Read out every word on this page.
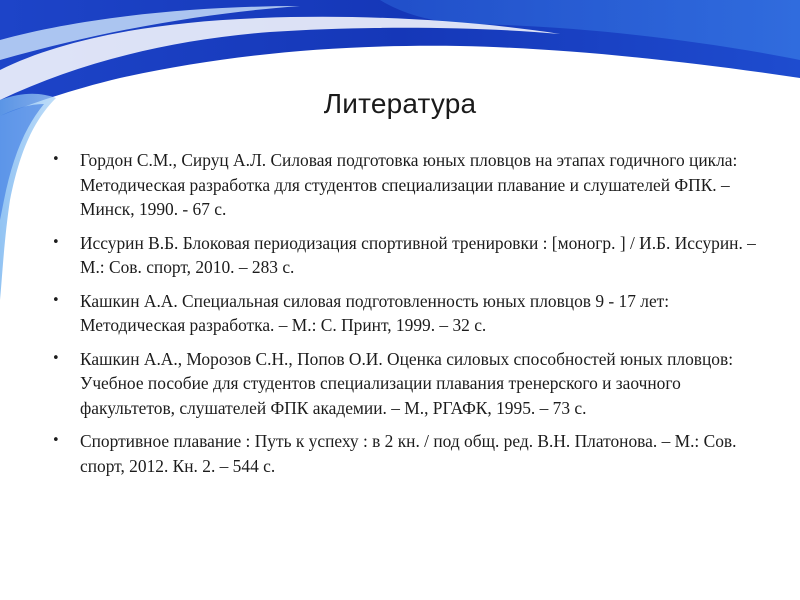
Литература
•	Гордон С.М., Сируц А.Л. Силовая подготовка юных пловцов на этапах годичного цикла: Методическая разработка для студентов специализации плавание и слушателей ФПК. – Минск, 1990. - 67 с.
•	Иссурин В.Б. Блоковая периодизация спортивной тренировки : [моногр. ] / И.Б. Иссурин. – М.: Сов. спорт, 2010. – 283 с.
•	Кашкин А.А. Специальная силовая подготовленность юных пловцов 9 - 17 лет: Методическая разработка. – М.: С. Принт, 1999. – 32 с.
•	Кашкин А.А., Морозов С.Н., Попов О.И. Оценка силовых способностей юных пловцов: Учебное пособие для студентов специализации плавания тренерского и заочного факультетов, слушателей ФПК академии. – М., РГАФК, 1995. – 73 с.
•	Спортивное плавание : Путь к успеху : в 2 кн. / под общ. ред. В.Н. Платонова. – М.: Сов. спорт, 2012. Кн. 2. – 544 с.
